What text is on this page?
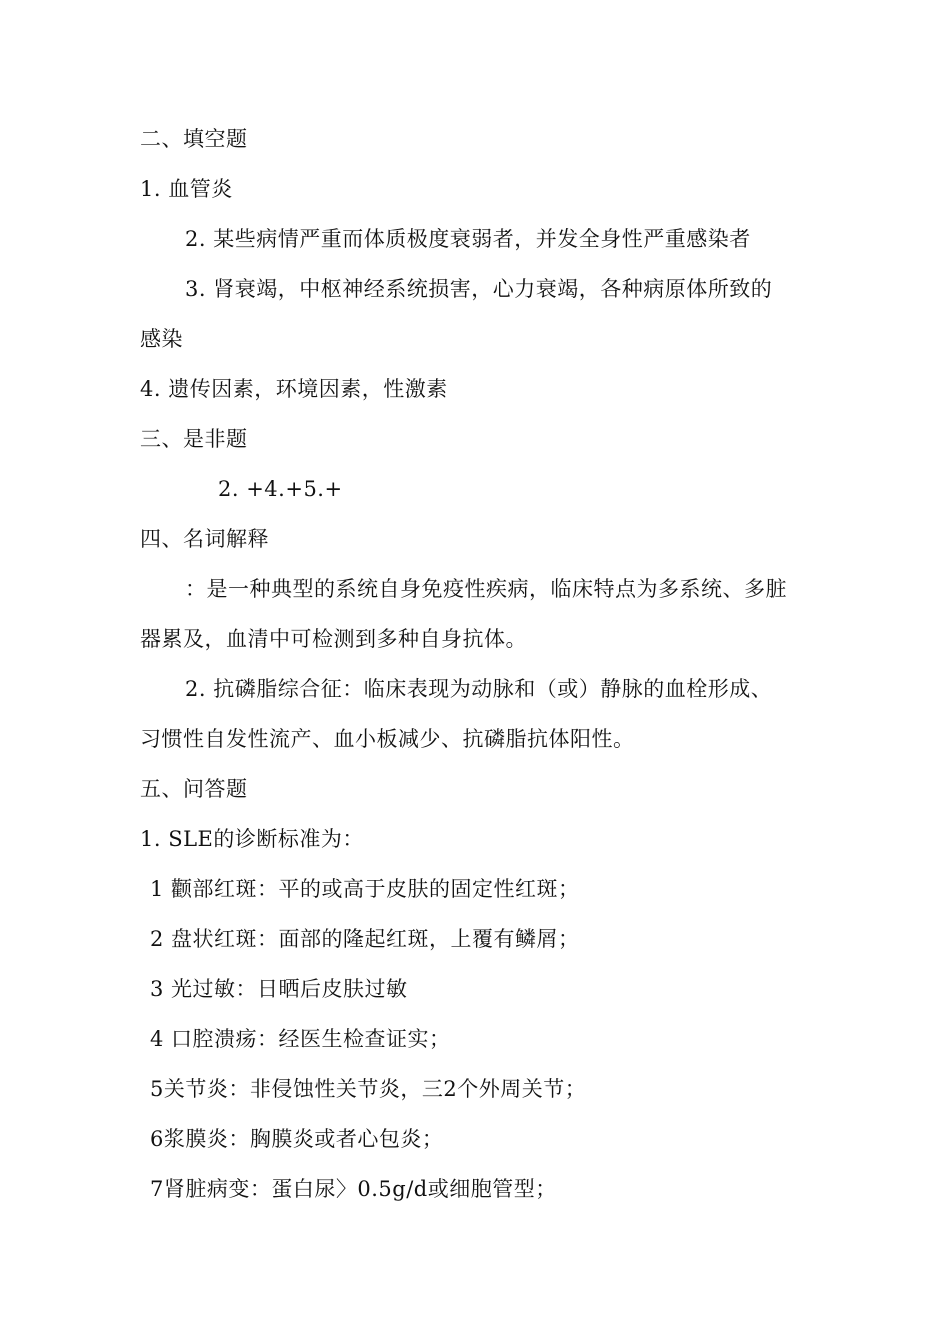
二、填空题
1. 血管炎
2. 某些病情严重而体质极度衰弱者，并发全身性严重感染者
3. 肾衰竭，中枢神经系统损害，心力衰竭，各种病原体所致的
感染
4. 遗传因素，环境因素，性激素
三、是非题
2. +4.+5.+
四、名词解释
：是一种典型的系统自身免疫性疾病，临床特点为多系统、多脏
器累及，血清中可检测到多种自身抗体。
2. 抗磷脂综合征：临床表现为动脉和（或）静脉的血栓形成、
习惯性自发性流产、血小板减少、抗磷脂抗体阳性。
五、问答题
1. SLE的诊断标准为：
1 颧部红斑：平的或高于皮肤的固定性红斑；
2 盘状红斑：面部的隆起红斑，上覆有鳞屑；
3 光过敏：日晒后皮肤过敏
4 口腔溃疡：经医生检查证实；
5关节炎：非侵蚀性关节炎，三2个外周关节；
6浆膜炎：胸膜炎或者心包炎；
7肾脏病变：蛋白尿〉0.5g/d或细胞管型；
